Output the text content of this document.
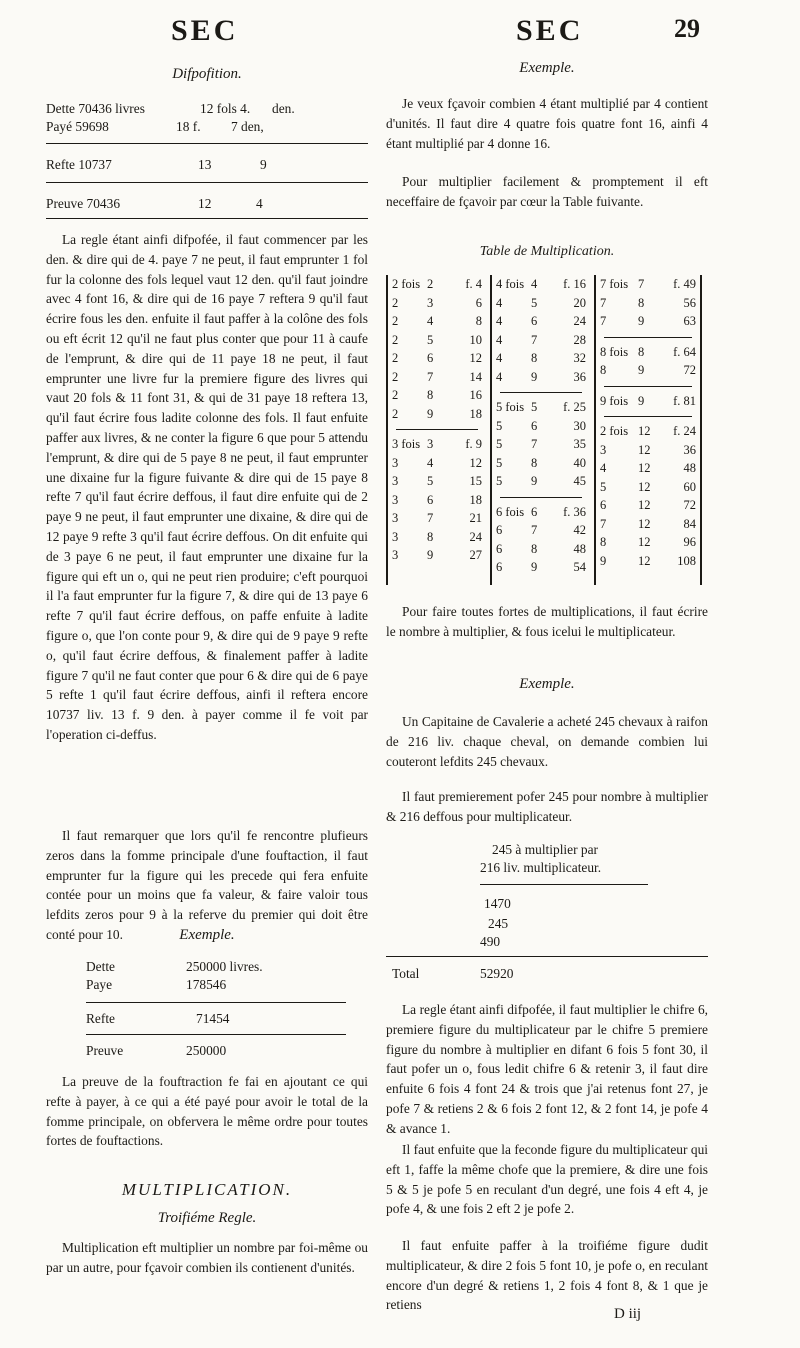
SEC
Difpofition.
Dette 70436 livres	12 fols 4. den.
Payé 59698	18 f. 7 den,
Refte 10737	13	9
Preuve 70436	12	4

La regle étant ainfi difpofée, il faut commencer par les den. & dire qui de 4. paye 7 ne peut, il faut emprunter 1 fol fur la colonne des fols lequel vaut 12 den. qu'il faut joindre avec 4 font 16, & dire qui de 16 paye 7 reftera 9 qu'il faut écrire fous les den. enfuite il faut paffer à la colône des fols ou eft écrit 12 qu'il ne faut plus conter que pour 11 à caufe de l'emprunt, & dire qui de 11 paye 18 ne peut, il faut emprunter une livre fur la premiere figure des livres qui vaut 20 fols & 11 font 31, & qui de 31 paye 18 reftera 13, qu'il faut écrire fous ladite colonne des fols. Il faut enfuite paffer aux livres, & ne conter la figure 6 que pour 5 attendu l'emprunt, & dire qui de 5 paye 8 ne peut, il faut emprunter une dixaine fur la figure fuivante & dire qui de 15 paye 8 refte 7 qu'il faut écrire deffous, il faut dire enfuite qui de 2 paye 9 ne peut, il faut emprunter une dixaine, & dire qui de 12 paye 9 refte 3 qu'il faut écrire deffous. On dit enfuite qui de 3 paye 6 ne peut, il faut emprunter une dixaine fur la figure qui eft un o, qui ne peut rien produire; c'eft pourquoi il l'a faut emprunter fur la figure 7, & dire qui de 13 paye 6 refte 7 qu'il faut écrire deffous, on paffe enfuite à ladite figure o, que l'on conte pour 9, & dire qui de 9 paye 9 refte o, qu'il faut écrire deffous, & finalement paffer à ladite figure 7 qu'il ne faut conter que pour 6 & dire qui de 6 paye 5 refte 1 qu'il faut écrire deffous, ainfi il reftera encore 10737 liv. 13 f. 9 den. à payer comme il fe voit par l'operation ci-deffus.

Il faut remarquer que lors qu'il fe rencontre plufieurs zeros dans la fomme principale d'une fouftaction, il faut emprunter fur la figure qui les precede qui fera enfuite contée pour un moins que fa valeur, & faire valoir tous lefdits zeros pour 9 à la referve du premier qui doit être conté pour 10.	Exemple.
Dette	250000 livres.
Paye	178546
Refte	71454
Preuve	250000

La preuve de la fouftraction fe fai en ajoutant ce qui refte à payer, à ce qui a été payé pour avoir le total de la fomme principale, on obfervera le même ordre pour toutes fortes de fouftactions.

MULTIPLICATION.
Troifiéme Regle.

Multiplication eft multiplier un nombre par foi-même ou par un autre, pour fçavoir combien ils contienent d'unités.

SEC	29
Exemple.

Je veux fçavoir combien 4 étant multiplié par 4 contient d'unités. Il faut dire 4 quatre fois quatre font 16, ainfi 4 étant multiplié par 4 donne 16.

Pour multiplier facilement & promptement il eft neceffaire de fçavoir par cœur la Table fuivante.

Table de Multiplication.
2 fois 2	f. 4
2 3	6
2 4	8
2 5	10
2 6	12
2 7	14
2 8	16
2 9	18
3 fois 3	f. 9
3 4	12
3 5	15
3 6	18
3 7	21
3 8	24
3 9	27
4 fois 4 f. 16
4 5	20
4 6	24
4 7	28
4 8	32
4 9	36
5 fois 5 f. 25
5 6	30
5 7	35
5 8	40
5 9	45
6 fois 6 f. 36
6 7	42
6 8	48
6 9	54
7 fois 7 f. 49
7	8	56
7	9	63
8 fois 8 f. 64
8	9	72
9 fois 9 f. 81
2 fois 12 f. 24
3	12	36
4	12	48
5	12	60
6	12	72
7	12	84
8	12	96
9	12 108

Pour faire toutes fortes de multiplications, il faut écrire le nombre à multiplier, & fous icelui le multiplicateur.

Exemple.

Un Capitaine de Cavalerie a acheté 245 chevaux à raifon de 216 liv. chaque cheval, on demande combien lui couteront lefdits 245 chevaux.

Il faut premierement pofer 245 pour nombre à multiplier & 216 deffous pour multiplicateur.

245 à multiplier par
216 liv. multiplicateur.
1470
245
490
Total	52920

La regle étant ainfi difpofée, il faut multiplier le chifre 6, premiere figure du multiplicateur par le chifre 5 premiere figure du nombre à multiplier en difant 6 fois 5 font 30, il faut pofer un o, fous ledit chifre 6 & retenir 3, il faut dire enfuite 6 fois 4 font 24 & trois que j'ai retenus font 27, je pofe 7 & retiens 2 & 6 fois 2 font 12, & 2 font 14, je pofe 4 & avance 1.

Il faut enfuite que la feconde figure du multiplicateur qui eft 1, faffe la même chofe que la premiere, & dire une fois 5 & 5 je pofe 5 en reculant d'un degré, une fois 4 eft 4, je pofe 4, & une fois 2 eft 2 je pofe 2.

Il faut enfuite paffer à la troifiéme figure dudit multiplicateur, & dire 2 fois 5 font 10, je pofe o, en reculant encore d'un degré & retiens 1, 2 fois 4 font 8, & 1 que je retiens

D iij
